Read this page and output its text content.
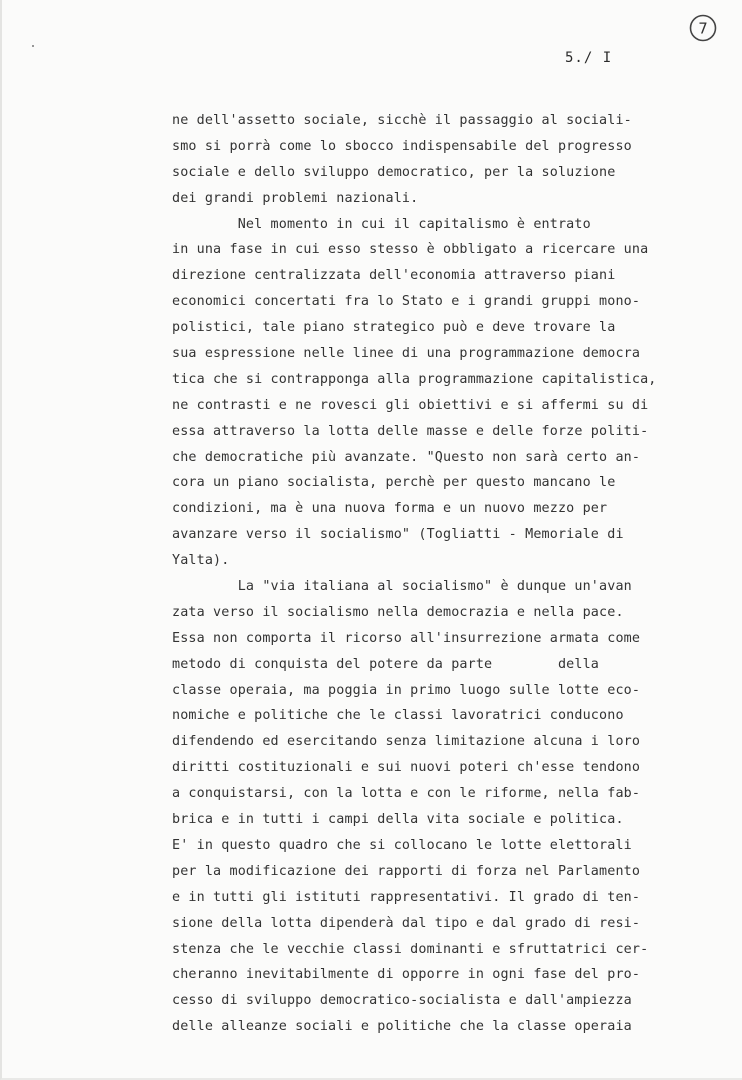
7
5./ I
ne dell'assetto sociale, sicchè il passaggio al sociali-
smo si porrà come lo sbocco indispensabile del progresso
sociale e dello sviluppo democratico, per la soluzione
dei grandi problemi nazionali.
Nel momento in cui il capitalismo è entrato
in una fase in cui esso stesso è obbligato a ricercare una
direzione centralizzata dell'economia attraverso piani
economici concertati fra lo Stato e i grandi gruppi mono-
polistici, tale piano strategico può e deve trovare la
sua espressione nelle linee di una programmazione democra
tica che si contrapponga alla programmazione capitalistica,
ne contrasti e ne rovesci gli obiettivi e si affermi su di
essa attraverso la lotta delle masse e delle forze politi-
che democratiche più avanzate. "Questo non sarà certo an-
cora un piano socialista, perchè per questo mancano le
condizioni, ma è una nuova forma e un nuovo mezzo per
avanzare verso il socialismo" (Togliatti - Memoriale di
Yalta).
La "via italiana al socialismo" è dunque un'avan
zata verso il socialismo nella democrazia e nella pace.
Essa non comporta il ricorso all'insurrezione armata come
metodo di conquista del potere da parte        della
classe operaia, ma poggia in primo luogo sulle lotte eco-
nomiche e politiche che le classi lavoratrici conducono
difendendo ed esercitando senza limitazione alcuna i loro
diritti costituzionali e sui nuovi poteri ch'esse tendono
a conquistarsi, con la lotta e con le riforme, nella fab-
brica e in tutti i campi della vita sociale e politica.
E' in questo quadro che si collocano le lotte elettorali
per la modificazione dei rapporti di forza nel Parlamento
e in tutti gli istituti rappresentativi. Il grado di ten-
sione della lotta dipenderà dal tipo e dal grado di resi-
stenza che le vecchie classi dominanti e sfruttatrici cer-
cheranno inevitabilmente di opporre in ogni fase del pro-
cesso di sviluppo democratico-socialista e dall'ampiezza
delle alleanze sociali e politiche che la classe operaia
